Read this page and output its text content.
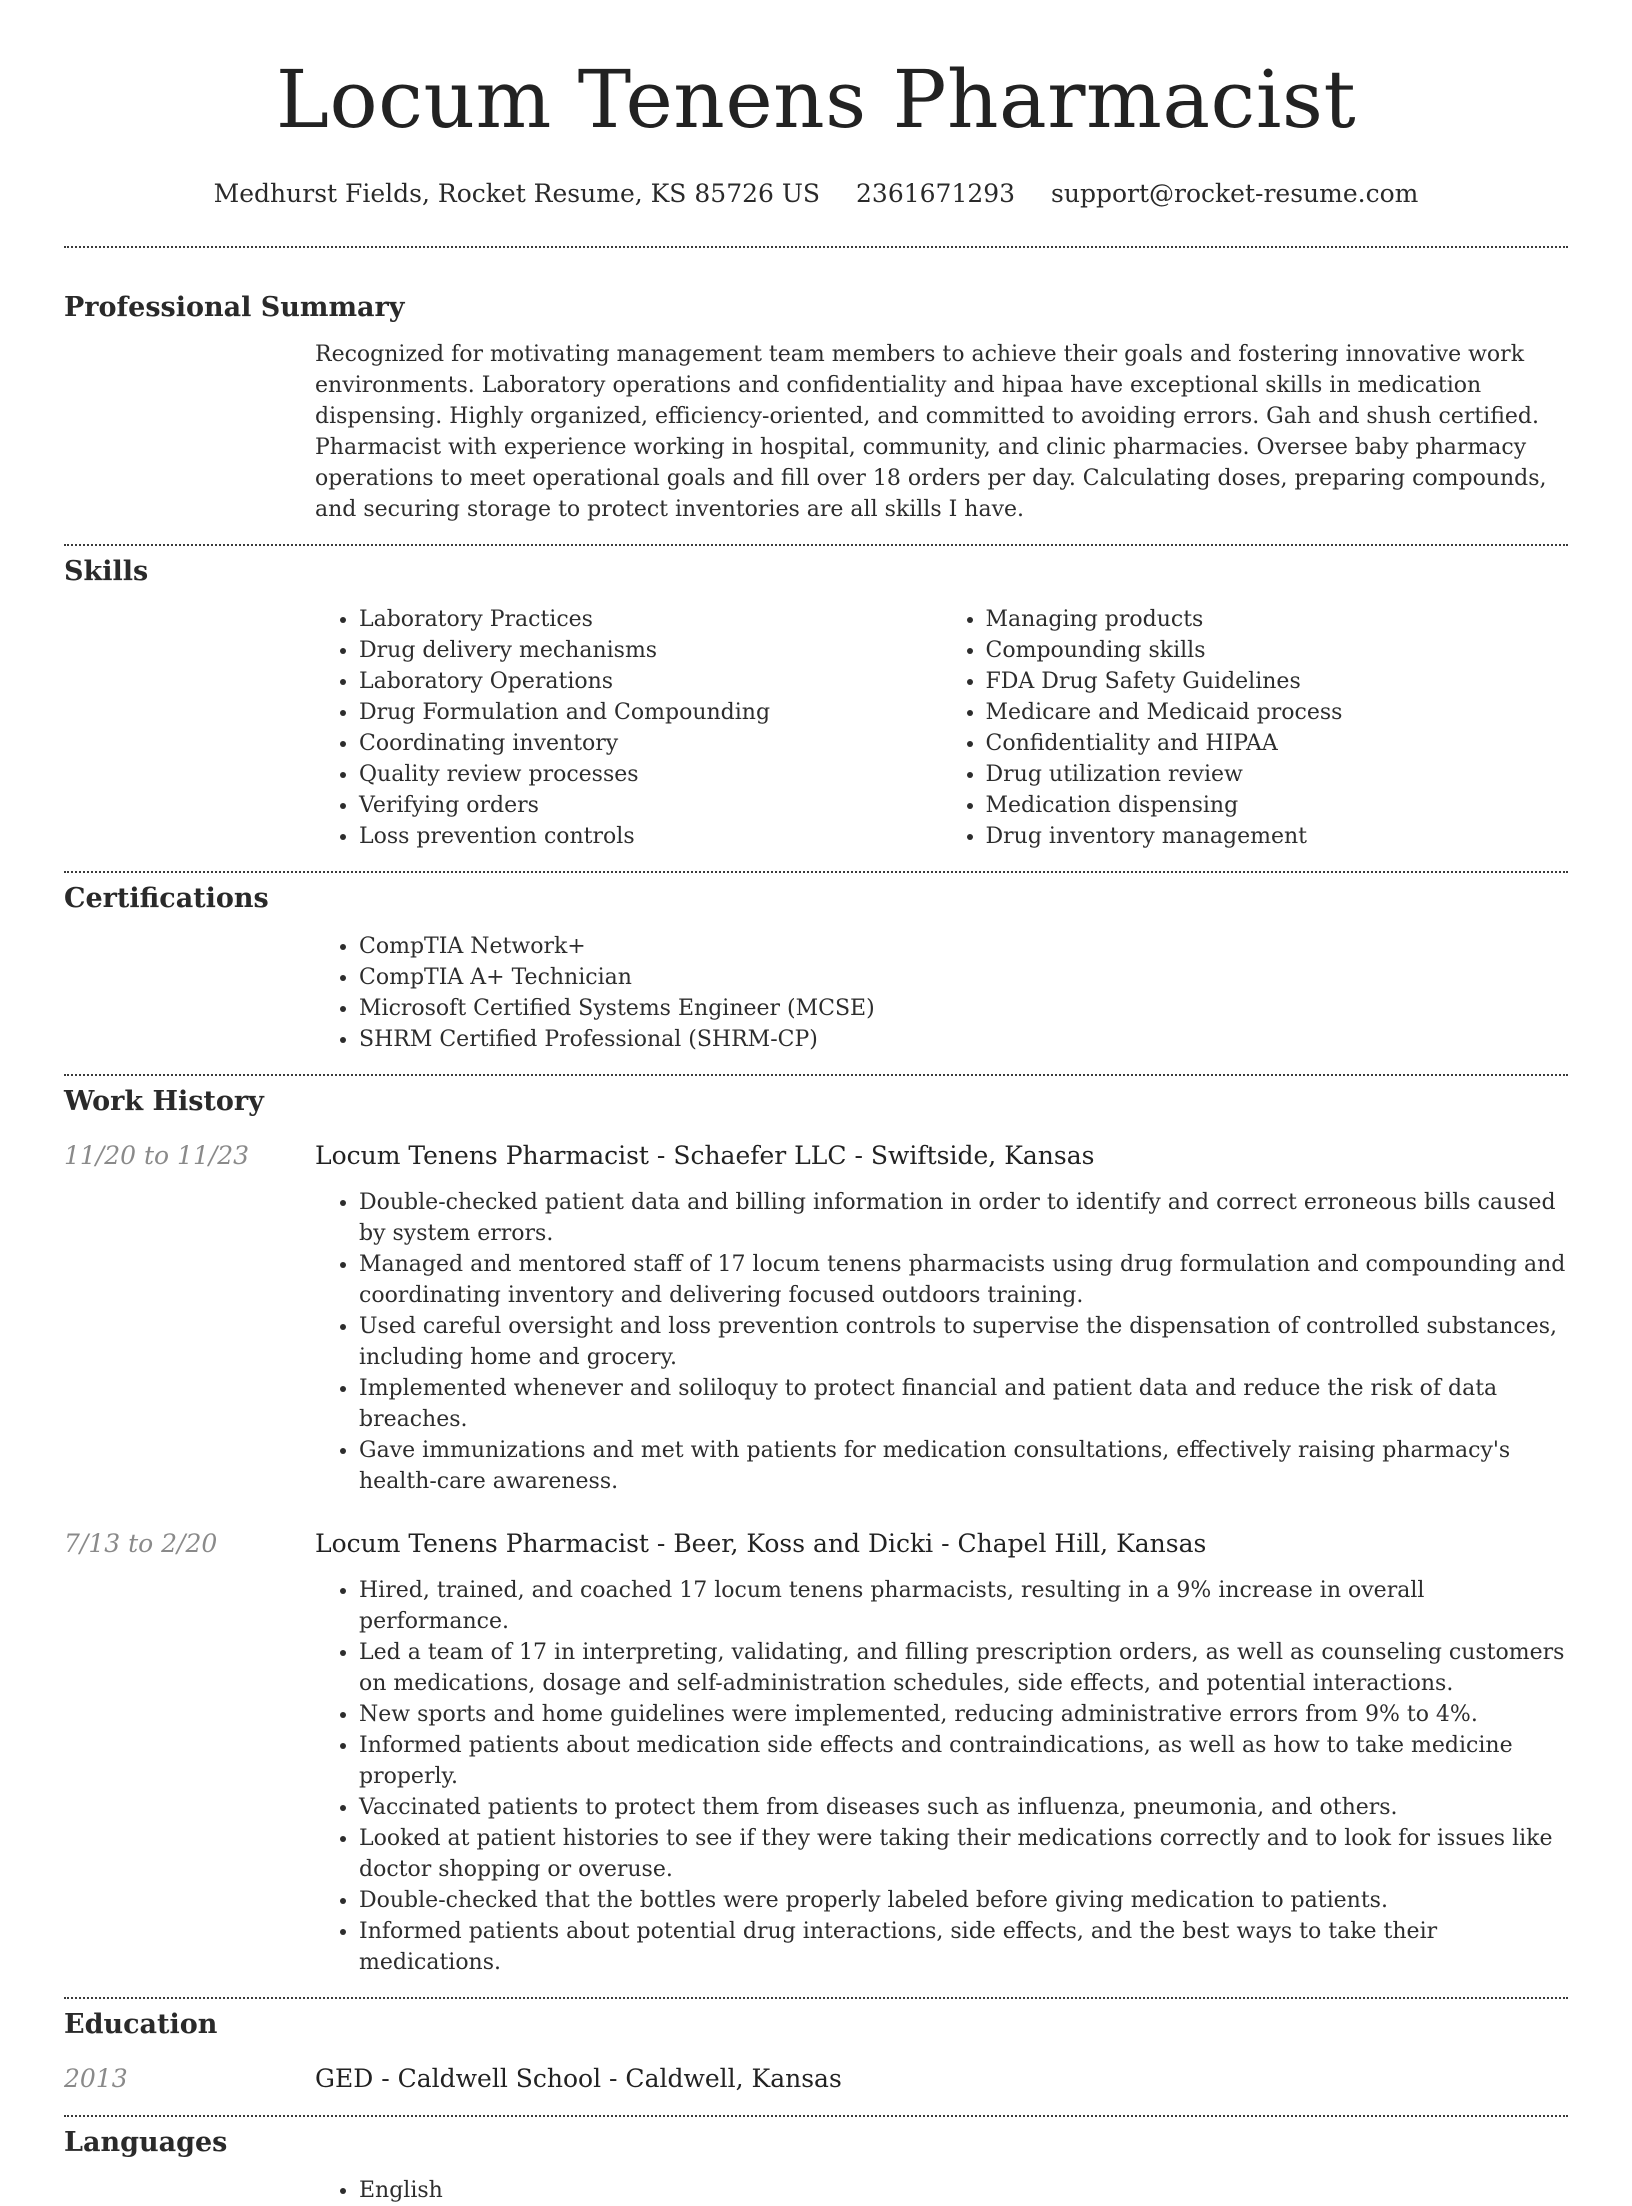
Locum Tenens Pharmacist
Medhurst Fields, Rocket Resume, KS 85726 US 2361671293 support@rocket-resume.com
Professional Summary

Recognized for motivating management team members to achieve their goals and fostering innovative work environments. Laboratory operations and confidentiality and hipaa have exceptional skills in medication dispensing. Highly organized, efficiency-oriented, and committed to avoiding errors. Gah and shush certified. Pharmacist with experience working in hospital, community, and clinic pharmacies. Oversee baby pharmacy operations to meet operational goals and fill over 18 orders per day. Calculating doses, preparing compounds, and securing storage to protect inventories are all skills I have.

Skills
• Laboratory Practices
• Drug delivery mechanisms
• Laboratory Operations
• Drug Formulation and Compounding
• Coordinating inventory
• Quality review processes
• Verifying orders
• Loss prevention controls
• Managing products
• Compounding skills
• FDA Drug Safety Guidelines
• Medicare and Medicaid process
• Confidentiality and HIPAA
• Drug utilization review
• Medication dispensing
• Drug inventory management
Certifications
• CompTIA Network+
• CompTIA A+ Technician
• Microsoft Certified Systems Engineer (MCSE)
• SHRM Certified Professional (SHRM-CP)
Work History
11/20 to 11/23	Locum Tenens Pharmacist - Schaefer LLC - Swiftside, Kansas
• Double-checked patient data and billing information in order to identify and correct erroneous bills caused by system errors.
• Managed and mentored staff of 17 locum tenens pharmacists using drug formulation and compounding and coordinating inventory and delivering focused outdoors training.
• Used careful oversight and loss prevention controls to supervise the dispensation of controlled substances, including home and grocery.
• Implemented whenever and soliloquy to protect financial and patient data and reduce the risk of data breaches.
• Gave immunizations and met with patients for medication consultations, effectively raising pharmacy's health-care awareness.
7/13 to 2/20	Locum Tenens Pharmacist - Beer, Koss and Dicki - Chapel Hill, Kansas
• Hired, trained, and coached 17 locum tenens pharmacists, resulting in a 9% increase in overall performance.
• Led a team of 17 in interpreting, validating, and filling prescription orders, as well as counseling customers on medications, dosage and self-administration schedules, side effects, and potential interactions.
• New sports and home guidelines were implemented, reducing administrative errors from 9% to 4%.
• Informed patients about medication side effects and contraindications, as well as how to take medicine properly.
• Vaccinated patients to protect them from diseases such as influenza, pneumonia, and others.
• Looked at patient histories to see if they were taking their medications correctly and to look for issues like doctor shopping or overuse.
• Double-checked that the bottles were properly labeled before giving medication to patients.
• Informed patients about potential drug interactions, side effects, and the best ways to take their medications.
Education
2013	GED - Caldwell School - Caldwell, Kansas
Languages
• English
